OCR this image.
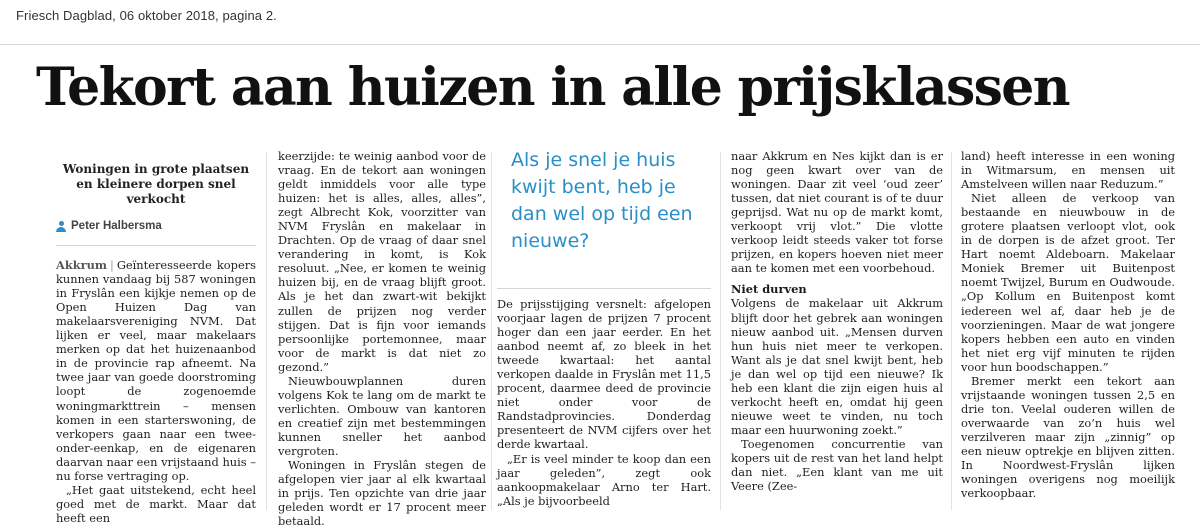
Friesch Dagblad, 06 oktober 2018, pagina 2.
Tekort aan huizen in alle prijsklassen
Woningen in grote plaatsen en kleinere dorpen snel verkocht
Peter Halbersma

Akkrum | Geïnteresseerde kopers kunnen vandaag bij 587 woningen in Fryslân een kijkje nemen op de Open Huizen Dag van makelaarsvereniging NVM. Dat lijken er veel, maar makelaars merken op dat het huizenaanbod in de provincie rap afneemt. Na twee jaar van goede doorstroming loopt de zogenoemde woningmarkttrein – mensen komen in een starterswoning, de verkopers gaan naar een twee-onder-eenkap, en de eigenaren daarvan naar een vrijstaand huis – nu forse vertraging op.

„Het gaat uitstekend, echt heel goed met de markt. Maar dat heeft een

keerzijde: te weinig aanbod voor de vraag. En de tekort aan woningen geldt inmiddels voor alle type huizen: het is alles, alles, alles”, zegt Albrecht Kok, voorzitter van NVM Fryslân en makelaar in Drachten. Op de vraag of daar snel verandering in komt, is Kok resoluut. „Nee, er komen te weinig huizen bij, en de vraag blijft groot. Als je het dan zwart-wit bekijkt zullen de prijzen nog verder stijgen. Dat is fijn voor iemands persoonlijke portemonnee, maar voor de markt is dat niet zo gezond.”

Nieuwbouwplannen duren volgens Kok te lang om de markt te verlichten. Ombouw van kantoren en creatief zijn met bestemmingen kunnen sneller het aanbod vergroten.

Woningen in Fryslân stegen de afgelopen vier jaar al elk kwartaal in prijs. Ten opzichte van drie jaar geleden wordt er 17 procent meer betaald.

Als je snel je huis kwijt bent, heb je dan wel op tijd een nieuwe?

De prijsstijging versnelt: afgelopen voorjaar lagen de prijzen 7 procent hoger dan een jaar eerder. En het aanbod neemt af, zo bleek in het tweede kwartaal: het aantal verkopen daalde in Fryslân met 11,5 procent, daarmee deed de provincie niet onder voor de Randstadprovincies. Donderdag presenteert de NVM cijfers over het derde kwartaal.

„Er is veel minder te koop dan een jaar geleden”, zegt ook aankoopmakelaar Arno ter Hart. „Als je bijvoorbeeld

naar Akkrum en Nes kijkt dan is er nog geen kwart over van de woningen. Daar zit veel ‘oud zeer’ tussen, dat niet courant is of te duur geprijsd. Wat nu op de markt komt, verkoopt vrij vlot.” Die vlotte verkoop leidt steeds vaker tot forse prijzen, en kopers hoeven niet meer aan te komen met een voorbehoud.

Niet durven

Volgens de makelaar uit Akkrum blijft door het gebrek aan woningen nieuw aanbod uit. „Mensen durven hun huis niet meer te verkopen. Want als je dat snel kwijt bent, heb je dan wel op tijd een nieuwe? Ik heb een klant die zijn eigen huis al verkocht heeft en, omdat hij geen nieuwe weet te vinden, nu toch maar een huurwoning zoekt.”

Toegenomen concurrentie van kopers uit de rest van het land helpt dan niet. „Een klant van me uit Veere (Zee-

land) heeft interesse in een woning in Witmarsum, en mensen uit Amstelveen willen naar Reduzum.”

Niet alleen de verkoop van bestaande en nieuwbouw in de grotere plaatsen verloopt vlot, ook in de dorpen is de afzet groot. Ter Hart noemt Aldeboarn. Makelaar Moniek Bremer uit Buitenpost noemt Twijzel, Burum en Oudwoude. „Op Kollum en Buitenpost komt iedereen wel af, daar heb je de voorzieningen. Maar de wat jongere kopers hebben een auto en vinden het niet erg vijf minuten te rijden voor hun boodschappen.”

Bremer merkt een tekort aan vrijstaande woningen tussen 2,5 en drie ton. Veelal ouderen willen de overwaarde van zo’n huis wel verzilveren maar zijn „zinnig” op een nieuw optrekje en blijven zitten. In Noordwest-Fryslân lijken woningen overigens nog moeilijk verkoopbaar.
